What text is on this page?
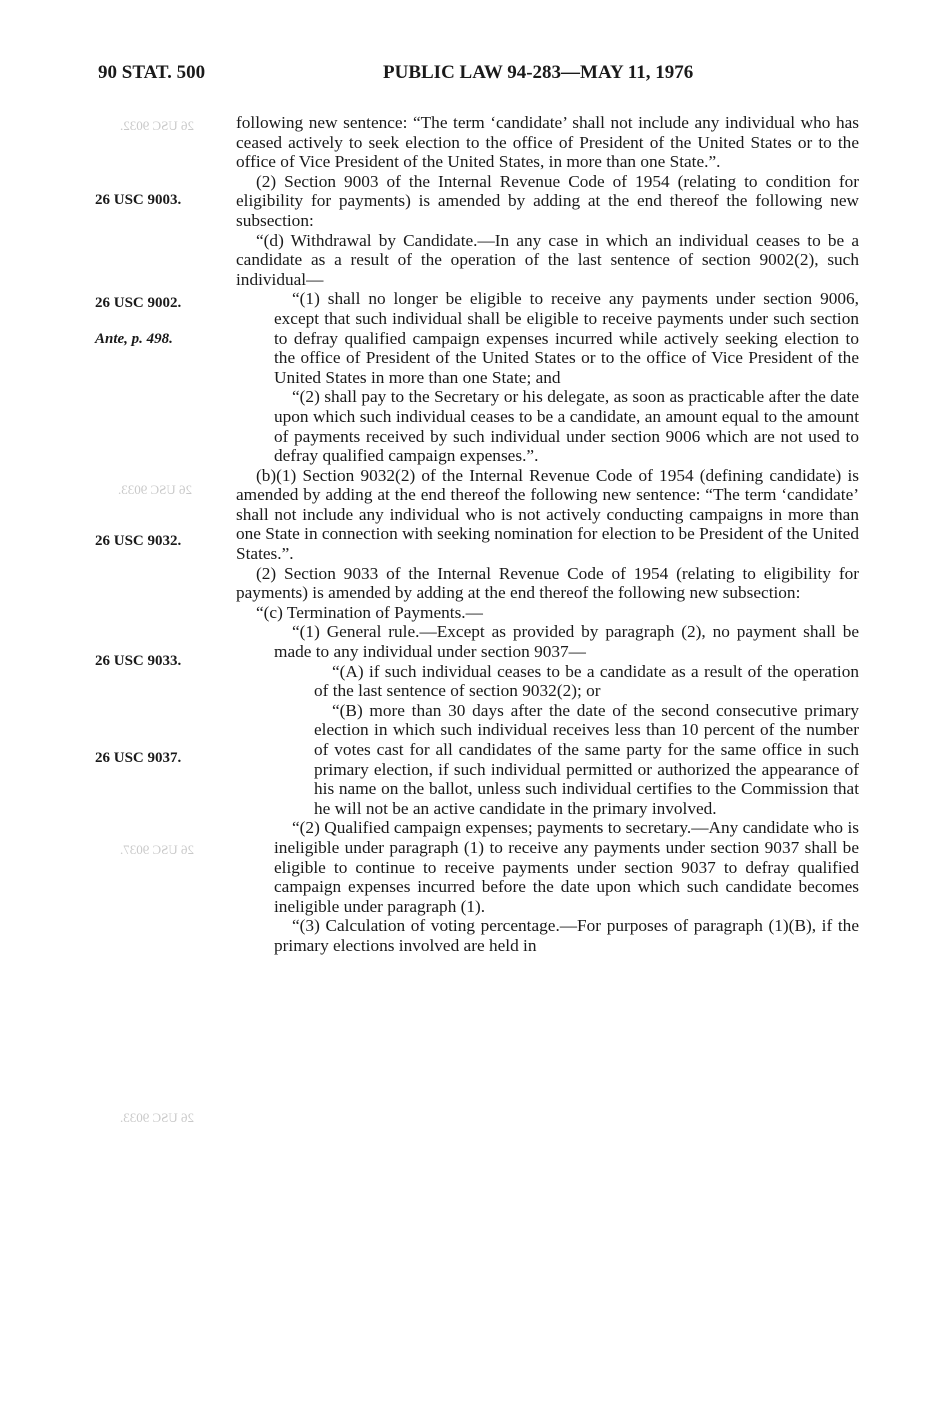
26 USC 9032.
26 USC 9033.
26 USC 9037.
26 USC 9033.
90 STAT. 500	PUBLIC LAW 94-283—MAY 11, 1976
26 USC 9003.
26 USC 9002.
Ante, p. 498.
26 USC 9032.
26 USC 9033.
26 USC 9037.

following new sentence: “The term ‘candidate’ shall not include any individual who has ceased actively to seek election to the office of President of the United States or to the office of Vice President of the United States, in more than one State.”.

(2) Section 9003 of the Internal Revenue Code of 1954 (relating to condition for eligibility for payments) is amended by adding at the end thereof the following new subsection:

“(d) Withdrawal by Candidate.—In any case in which an individual ceases to be a candidate as a result of the operation of the last sentence of section 9002(2), such individual—

“(1) shall no longer be eligible to receive any payments under section 9006, except that such individual shall be eligible to receive payments under such section to defray qualified campaign expenses incurred while actively seeking election to the office of President of the United States or to the office of Vice President of the United States in more than one State; and

“(2) shall pay to the Secretary or his delegate, as soon as practicable after the date upon which such individual ceases to be a candidate, an amount equal to the amount of payments received by such individual under section 9006 which are not used to defray qualified campaign expenses.”.

(b)(1) Section 9032(2) of the Internal Revenue Code of 1954 (defining candidate) is amended by adding at the end thereof the following new sentence: “The term ‘candidate’ shall not include any individual who is not actively conducting campaigns in more than one State in connection with seeking nomination for election to be President of the United States.”.

(2) Section 9033 of the Internal Revenue Code of 1954 (relating to eligibility for payments) is amended by adding at the end thereof the following new subsection:

“(c) Termination of Payments.—

“(1) General rule.—Except as provided by paragraph (2), no payment shall be made to any individual under section 9037—

“(A) if such individual ceases to be a candidate as a result of the operation of the last sentence of section 9032(2); or

“(B) more than 30 days after the date of the second consecutive primary election in which such individual receives less than 10 percent of the number of votes cast for all candidates of the same party for the same office in such primary election, if such individual permitted or authorized the appearance of his name on the ballot, unless such individual certifies to the Commission that he will not be an active candidate in the primary involved.

“(2) Qualified campaign expenses; payments to secretary.—Any candidate who is ineligible under paragraph (1) to receive any payments under section 9037 shall be eligible to continue to receive payments under section 9037 to defray qualified campaign expenses incurred before the date upon which such candidate becomes ineligible under paragraph (1).

“(3) Calculation of voting percentage.—For purposes of paragraph (1)(B), if the primary elections involved are held in
